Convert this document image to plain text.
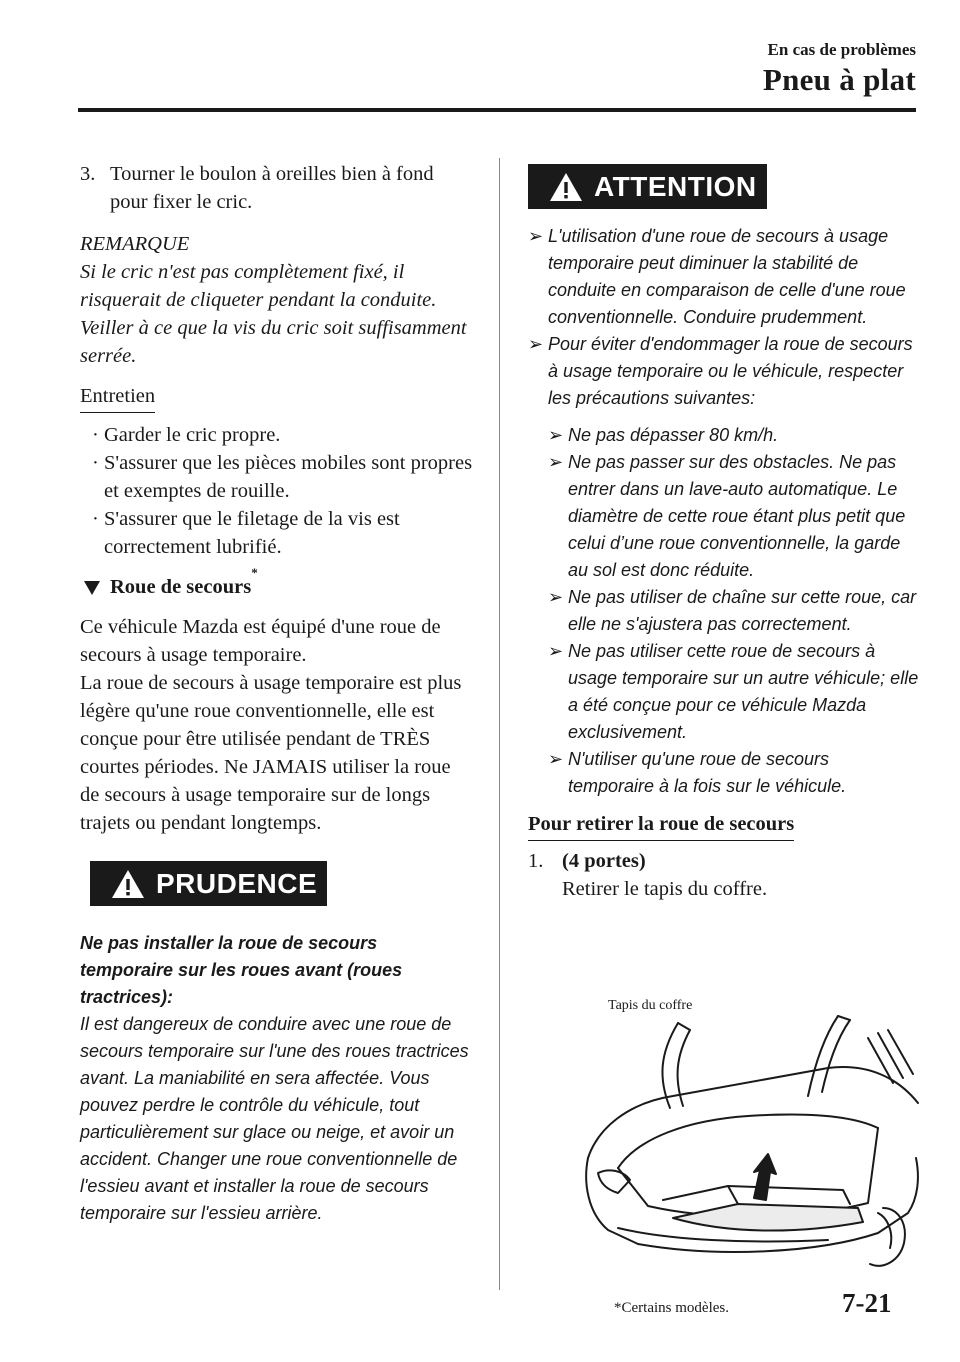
En cas de problèmes
Pneu à plat
3. Tourner le boulon à oreilles bien à fond pour fixer le cric.
REMARQUE
Si le cric n'est pas complètement fixé, il risquerait de cliqueter pendant la conduite. Veiller à ce que la vis du cric soit suffisamment serrée.
Entretien
· Garder le cric propre.
· S'assurer que les pièces mobiles sont propres et exemptes de rouille.
· S'assurer que le filetage de la vis est correctement lubrifié.
Roue de secours
*
Ce véhicule Mazda est équipé d'une roue de secours à usage temporaire.
La roue de secours à usage temporaire est plus légère qu'une roue conventionnelle, elle est conçue pour être utilisée pendant de TRÈS courtes périodes. Ne JAMAIS utiliser la roue de secours à usage temporaire sur de longs trajets ou pendant longtemps.
PRUDENCE
Ne pas installer la roue de secours temporaire sur les roues avant (roues tractrices):
Il est dangereux de conduire avec une roue de secours temporaire sur l'une des roues tractrices avant. La maniabilité en sera affectée. Vous pouvez perdre le contrôle du véhicule, tout particulièrement sur glace ou neige, et avoir un accident. Changer une roue conventionnelle de l'essieu avant et installer la roue de secours temporaire sur l'essieu arrière.
ATTENTION
➢ L'utilisation d'une roue de secours à usage temporaire peut diminuer la stabilité de conduite en comparaison de celle d'une roue conventionnelle. Conduire prudemment.
➢ Pour éviter d'endommager la roue de secours à usage temporaire ou le véhicule, respecter les précautions suivantes:
➢ Ne pas dépasser 80 km/h.
➢ Ne pas passer sur des obstacles. Ne pas entrer dans un lave-auto automatique. Le diamètre de cette roue étant plus petit que celui d’une roue conventionnelle, la garde au sol est donc réduite.
➢ Ne pas utiliser de chaîne sur cette roue, car elle ne s'ajustera pas correctement.
➢ Ne pas utiliser cette roue de secours à usage temporaire sur un autre véhicule; elle a été conçue pour ce véhicule Mazda exclusivement.
➢ N'utiliser qu'une roue de secours temporaire à la fois sur le véhicule.
Pour retirer la roue de secours
1. (4 portes)
Retirer le tapis du coffre.
Tapis du coffre
*Certains modèles.	7-21
